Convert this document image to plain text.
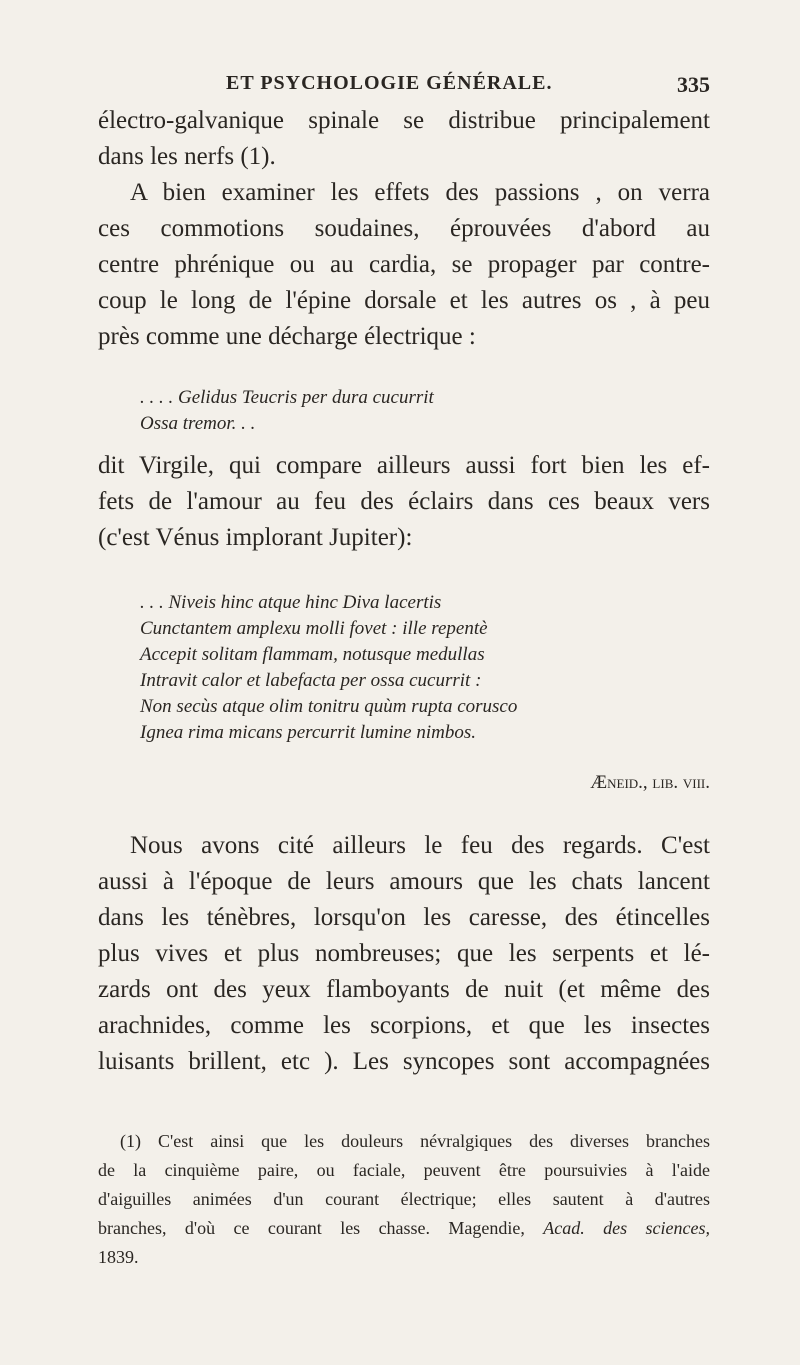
ET PSYCHOLOGIE GÉNÉRALE.	335

électro-galvanique spinale se distribue principalement

dans les nerfs (1).

A bien examiner les effets des passions , on verra

ces commotions soudaines, éprouvées d'abord au

centre phrénique ou au cardia, se propager par contre-

coup le long de l'épine dorsale et les autres os , à peu

près comme une décharge électrique :

. . . . Gelidus Teucris per dura cucurrit
Ossa tremor. . .

dit Virgile, qui compare ailleurs aussi fort bien les ef-

fets de l'amour au feu des éclairs dans ces beaux vers

(c'est Vénus implorant Jupiter):

. . . Niveis hinc atque hinc Diva lacertis
Cunctantem amplexu molli fovet : ille repentè
Accepit solitam flammam, notusque medullas
Intravit calor et labefacta per ossa cucurrit :
Non secùs atque olim tonitru quùm rupta corusco
Ignea rima micans percurrit lumine nimbos.
Æneid., lib. viii.

Nous avons cité ailleurs le feu des regards. C'est

aussi à l'époque de leurs amours que les chats lancent

dans les ténèbres, lorsqu'on les caresse, des étincelles

plus vives et plus nombreuses; que les serpents et lé-

zards ont des yeux flamboyants de nuit (et même des

arachnides, comme les scorpions, et que les insectes

luisants brillent, etc ). Les syncopes sont accompagnées

(1) C'est ainsi que les douleurs névralgiques des diverses branches

de la cinquième paire, ou faciale, peuvent être poursuivies à l'aide

d'aiguilles animées d'un courant électrique; elles sautent à d'autres

branches, d'où ce courant les chasse. Magendie, Acad. des sciences,

1839.
